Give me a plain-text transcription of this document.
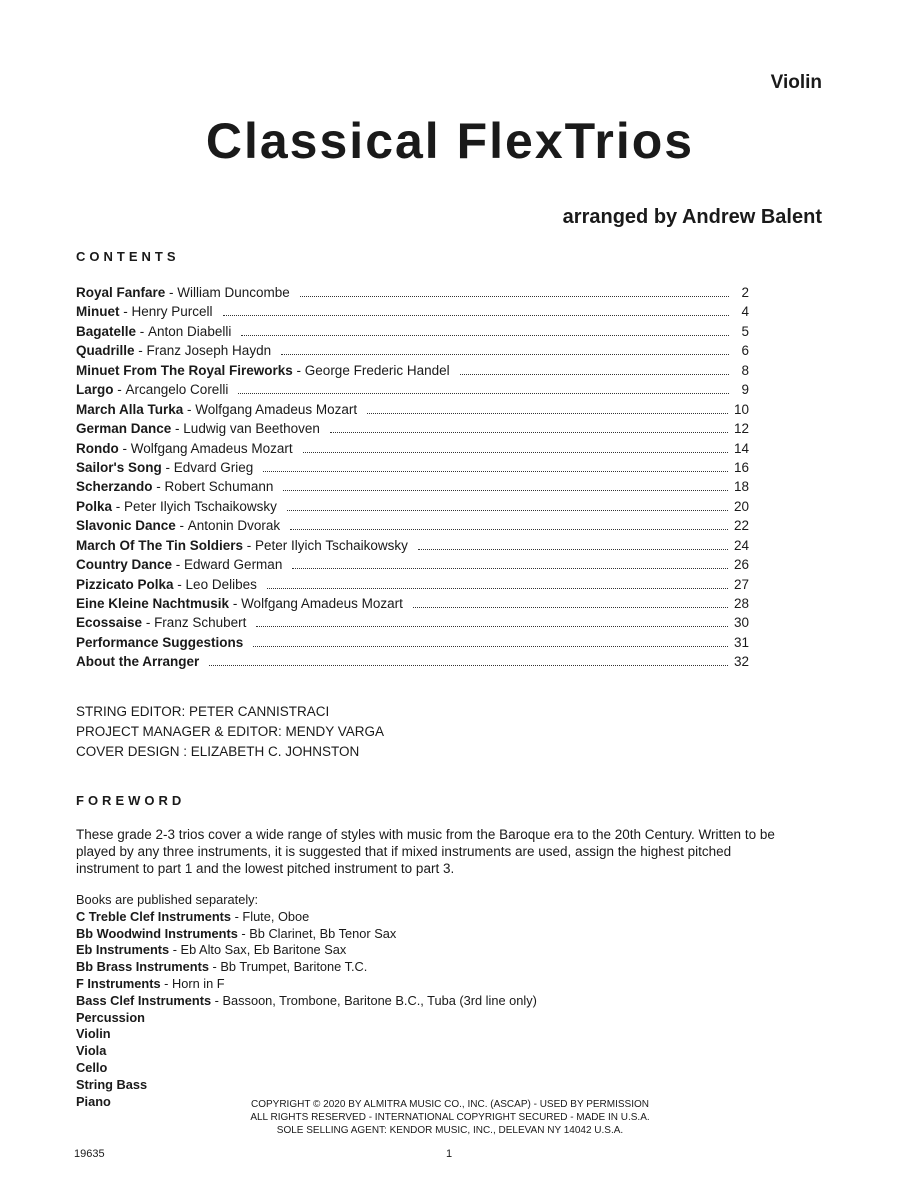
Violin
Classical FlexTrios
arranged by Andrew Balent
CONTENTS
Royal Fanfare - William Duncombe	2
Minuet - Henry Purcell	4
Bagatelle - Anton Diabelli	5
Quadrille - Franz Joseph Haydn	6
Minuet From The Royal Fireworks - George Frederic Handel	8
Largo - Arcangelo Corelli	9
March Alla Turka - Wolfgang Amadeus Mozart	10
German Dance - Ludwig van Beethoven	12
Rondo - Wolfgang Amadeus Mozart	14
Sailor's Song - Edvard Grieg	16
Scherzando - Robert Schumann	18
Polka - Peter Ilyich Tschaikowsky	20
Slavonic Dance - Antonin Dvorak	22
March Of The Tin Soldiers - Peter Ilyich Tschaikowsky	24
Country Dance - Edward German	26
Pizzicato Polka - Leo Delibes	27
Eine Kleine Nachtmusik - Wolfgang Amadeus Mozart	28
Ecossaise - Franz Schubert	30
Performance Suggestions	31
About the Arranger	32
STRING EDITOR: PETER CANNISTRACI
PROJECT MANAGER & EDITOR: MENDY VARGA
COVER DESIGN : ELIZABETH C. JOHNSTON
FOREWORD
These grade 2-3 trios cover a wide range of styles with music from the Baroque era to the 20th Century. Written to be played by any three instruments, it is suggested that if mixed instruments are used, assign the highest pitched instrument to part 1 and the lowest pitched instrument to part 3.
Books are published separately:
C Treble Clef Instruments - Flute, Oboe
Bb Woodwind Instruments - Bb Clarinet, Bb Tenor Sax
Eb Instruments - Eb Alto Sax, Eb Baritone Sax
Bb Brass Instruments - Bb Trumpet, Baritone T.C.
F Instruments - Horn in F
Bass Clef Instruments - Bassoon, Trombone, Baritone B.C., Tuba (3rd line only)
Percussion
Violin
Viola
Cello
String Bass
Piano	COPYRIGHT © 2020 BY ALMITRA MUSIC CO., INC. (ASCAP) - USED BY PERMISSION
ALL RIGHTS RESERVED - INTERNATIONAL COPYRIGHT SECURED - MADE IN U.S.A.
SOLE SELLING AGENT: KENDOR MUSIC, INC., DELEVAN NY 14042 U.S.A.
19635	1
